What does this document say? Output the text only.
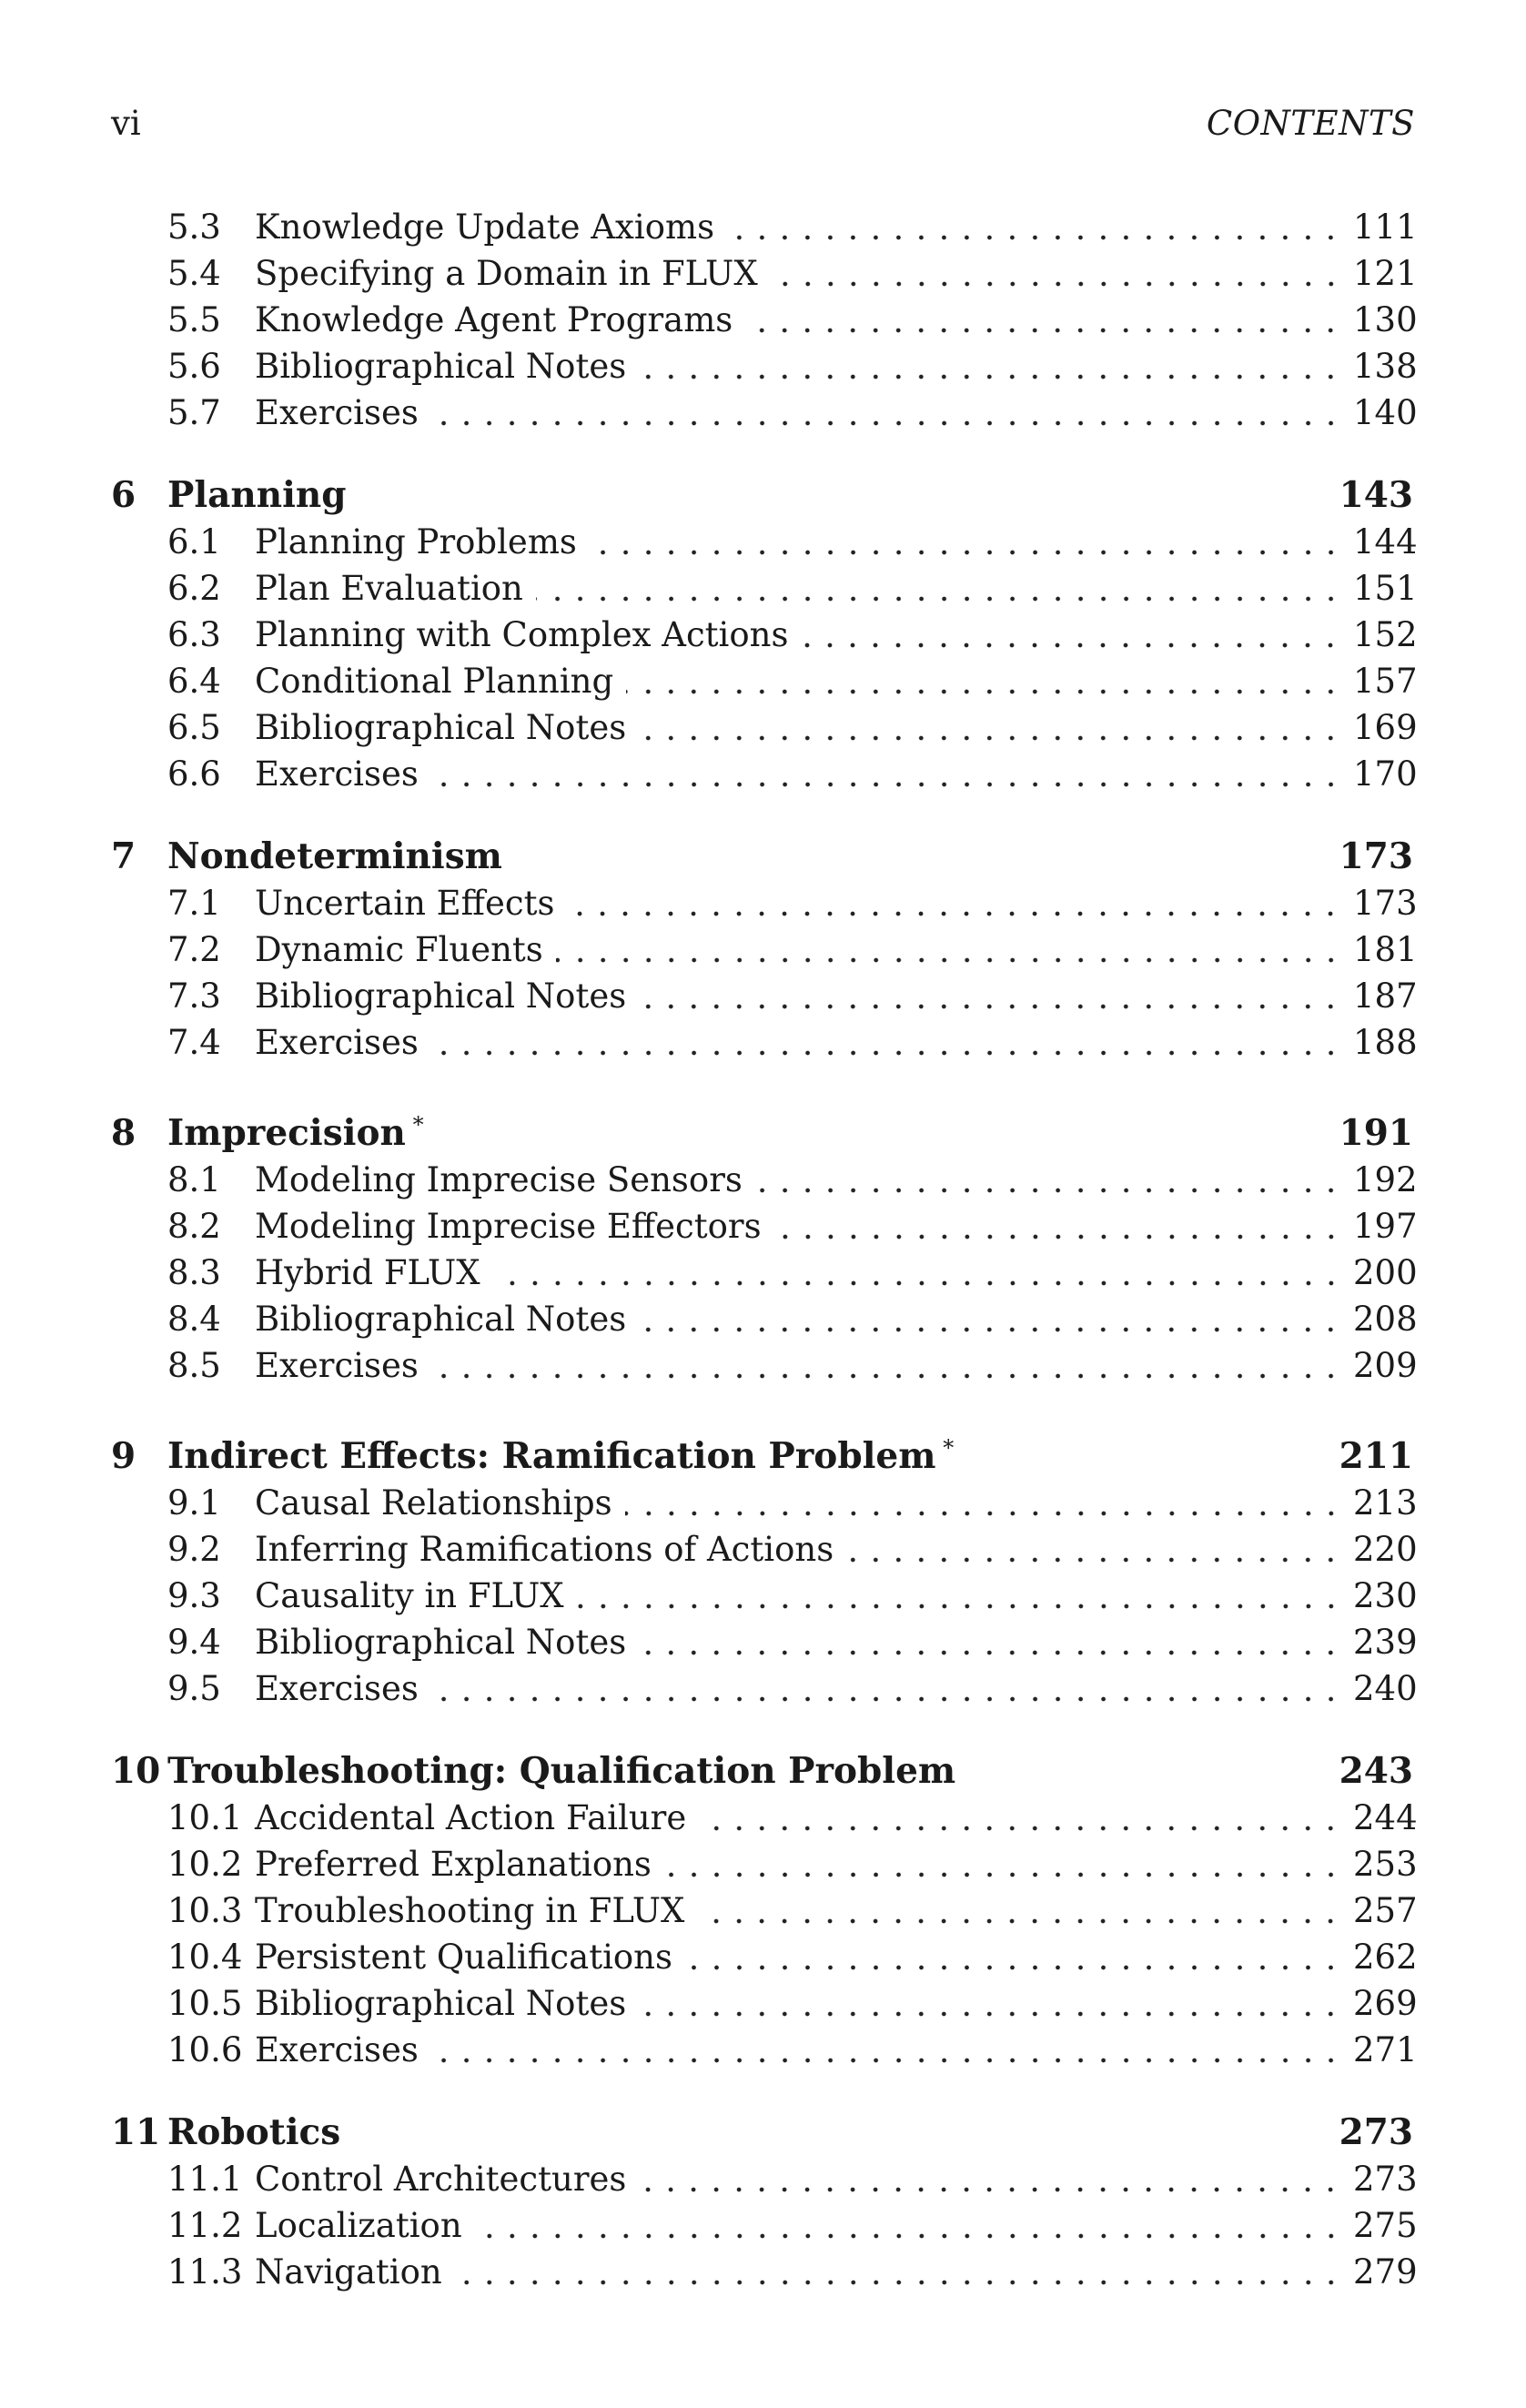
vi	CONTENTS
5.3	Knowledge Update Axioms	111
5.4	Specifying a Domain in FLUX	121
5.5	Knowledge Agent Programs	130
5.6	Bibliographical Notes	138
5.7	Exercises	140
6 Planning	143
6.1	Planning Problems	144
6.2	Plan Evaluation	151
6.3	Planning with Complex Actions	152
6.4	Conditional Planning	157
6.5	Bibliographical Notes	169
6.6	Exercises	170
7 Nondeterminism	173
7.1	Uncertain Effects	173
7.2	Dynamic Fluents	181
7.3	Bibliographical Notes	187
7.4	Exercises	188
8 Imprecision  *	191
8.1	Modeling Imprecise Sensors	192
8.2	Modeling Imprecise Effectors	197
8.3	Hybrid FLUX	200
8.4	Bibliographical Notes	208
8.5	Exercises	209
9 Indirect Effects: Ramification Problem  *	211
9.1	Causal Relationships	213
9.2	Inferring Ramifications of Actions	220
9.3	Causality in FLUX	230
9.4	Bibliographical Notes	239
9.5	Exercises	240
10 Troubleshooting: Qualification Problem	243
10.1 Accidental Action Failure	244
10.2 Preferred Explanations	253
10.3 Troubleshooting in FLUX	257
10.4 Persistent Qualifications	262
10.5 Bibliographical Notes	269
10.6 Exercises	271
11 Robotics	273
11.1 Control Architectures	273
11.2 Localization	275
11.3 Navigation	279
